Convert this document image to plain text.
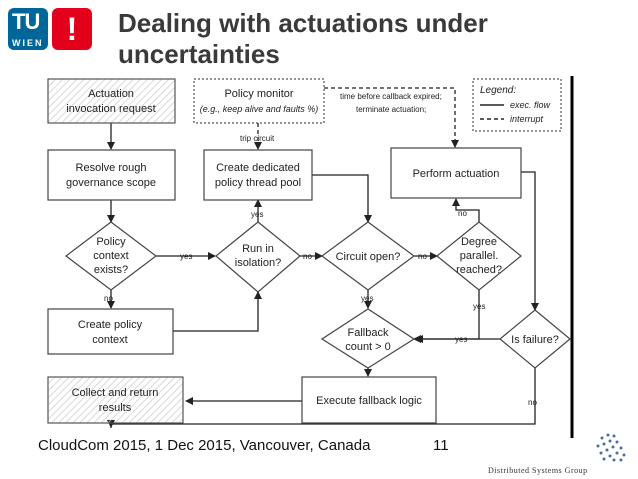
TU
WIEN ! Dealing with actuations under
uncertainties
Actuation
invocation request
Policy monitor
(e.g., keep alive and faults %)
Resolve rough
governance scope
Create dedicated
policy thread pool
Perform actuation
Policy
context
exists?
Run in
isolation?	Circuit open?
Degree
parallel.
reached?
Create policy
context
Fallback
count > 0
Is failure?
Collect and return
results
Execute fallback logic
time before callback expired;
terminate actuation;
trip circuit
yes
no
yes
no	no
yes
no
yes
yes
no
Legend:
exec. flow
interrupt
CloudCom 2015, 1 Dec 2015, Vancouver, Canada	11
Distributed Systems Group
